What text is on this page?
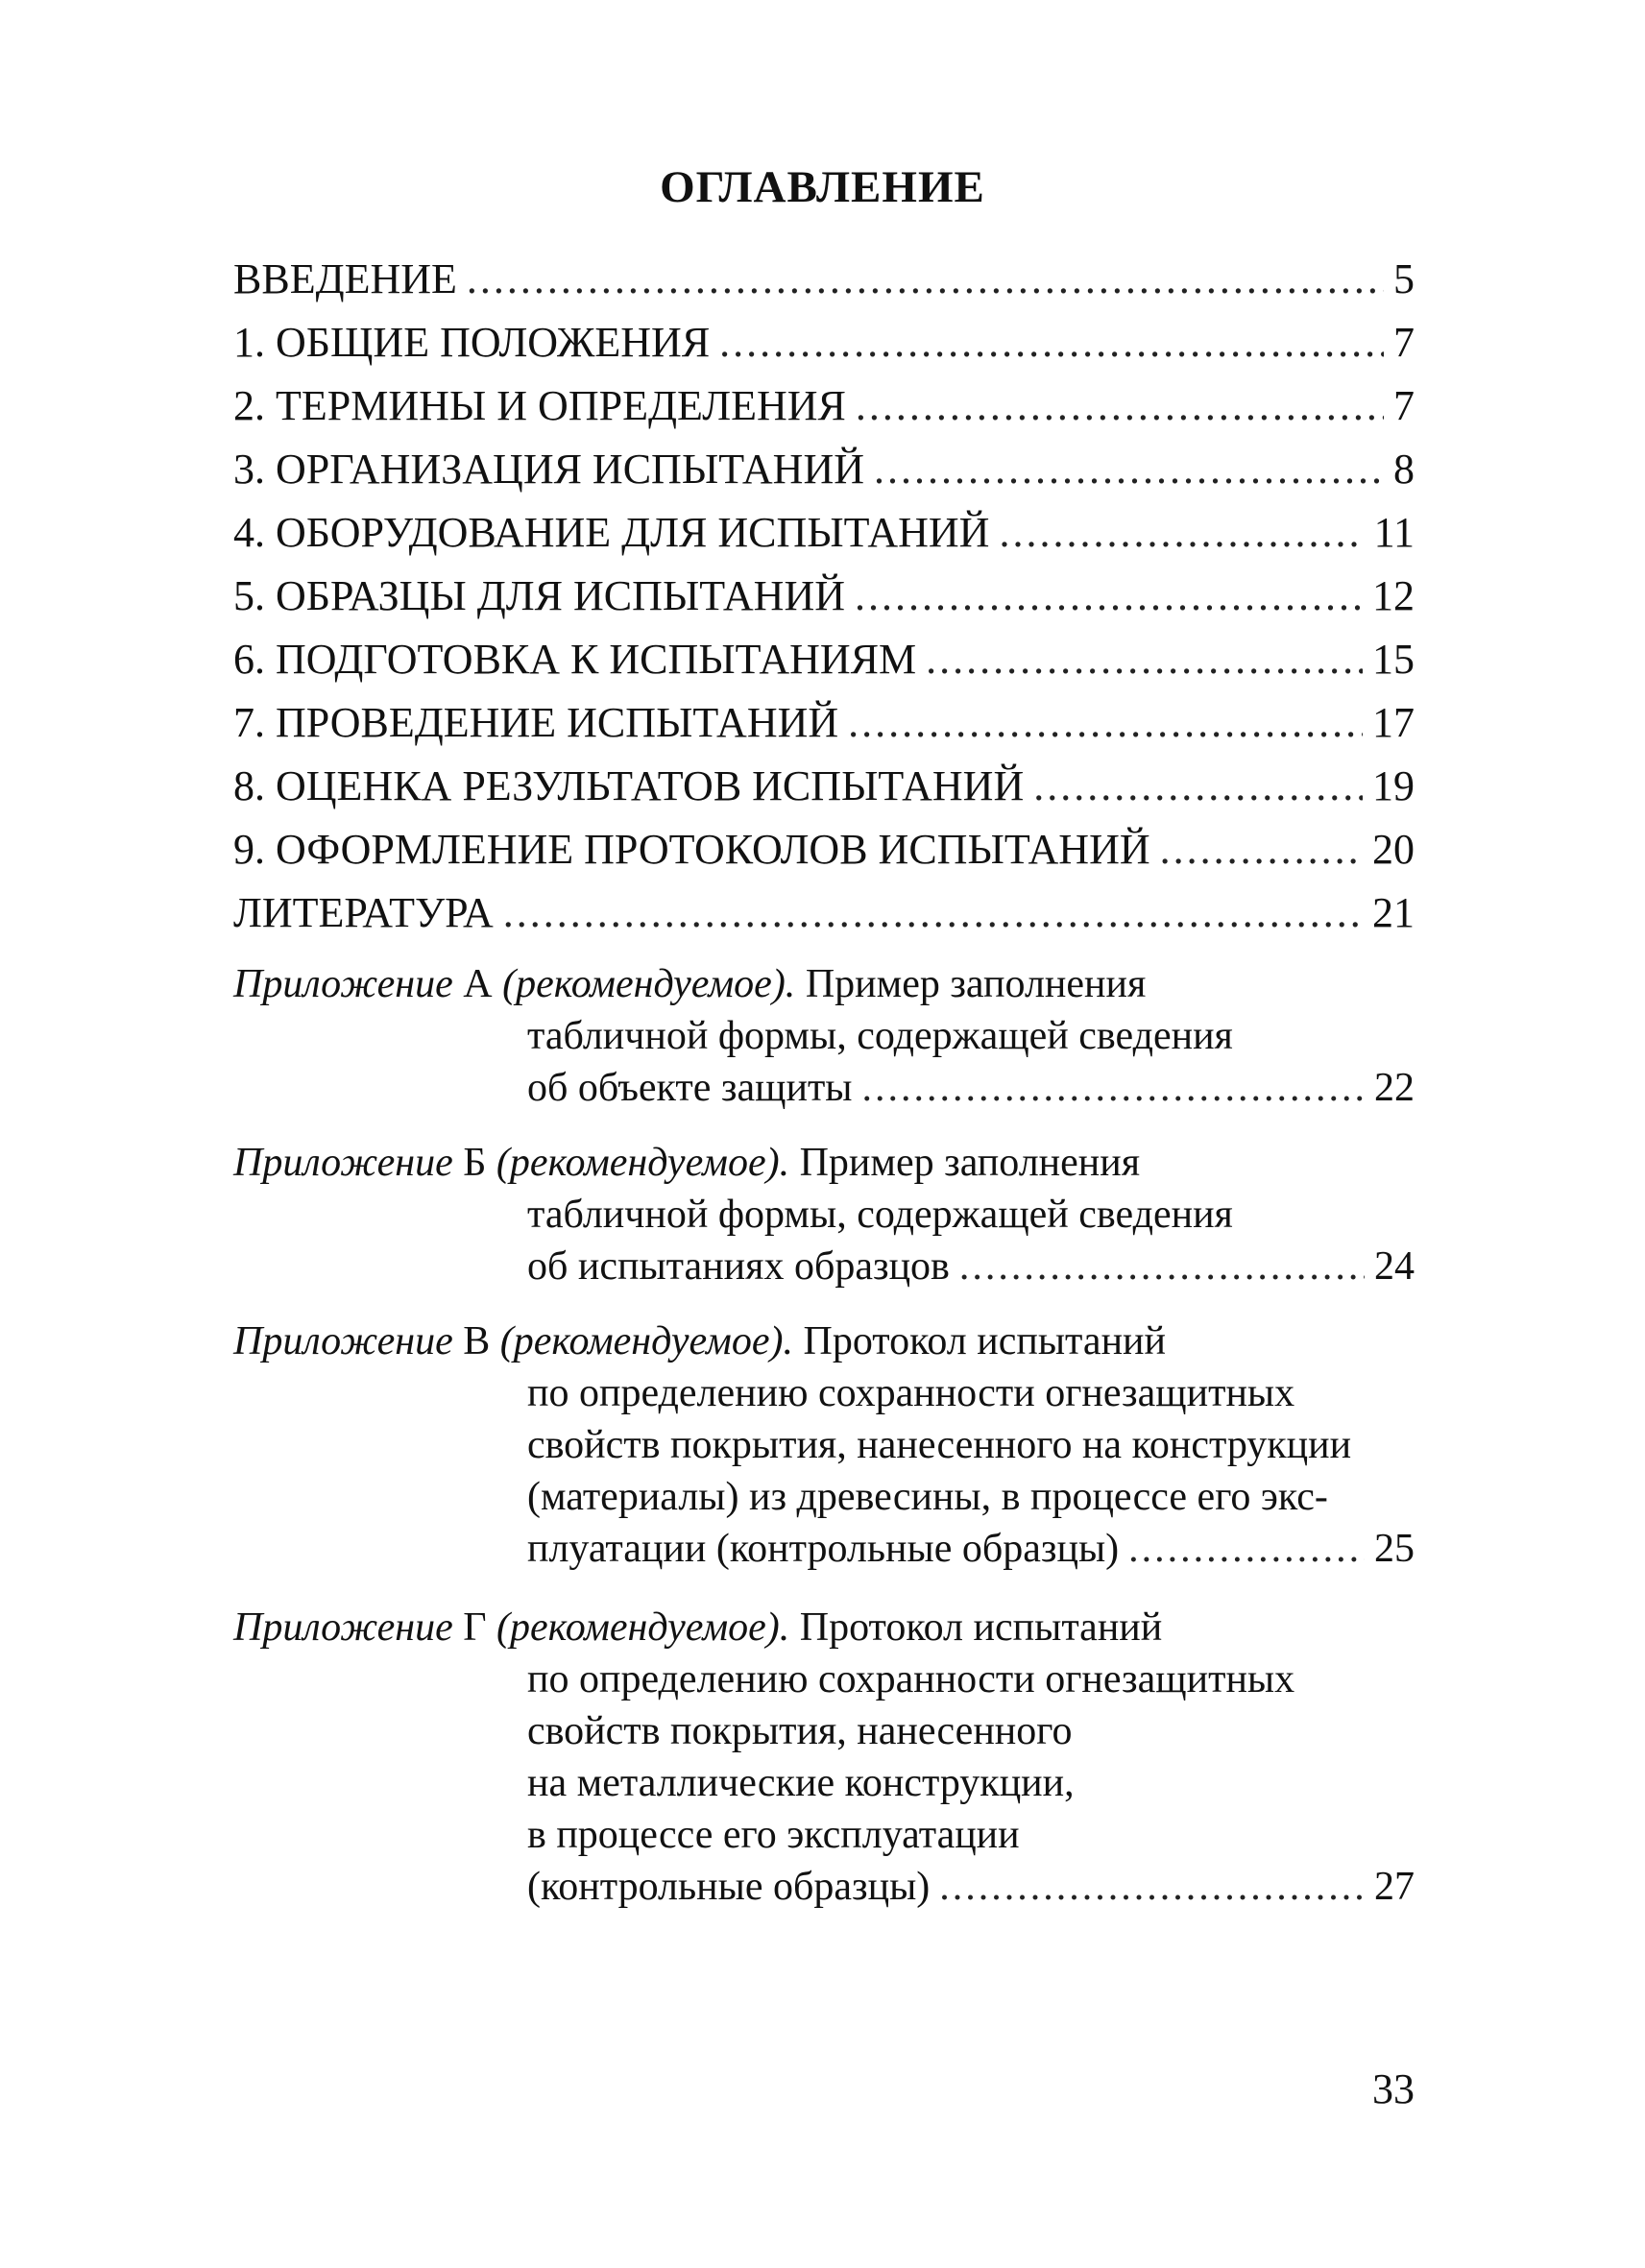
ОГЛАВЛЕНИЕ
ВВЕДЕНИЕ .....	5
1. ОБЩИЕ ПОЛОЖЕНИЯ .....	7
2. ТЕРМИНЫ И ОПРЕДЕЛЕНИЯ .....	7
3. ОРГАНИЗАЦИЯ ИСПЫТАНИЙ .....	8
4. ОБОРУДОВАНИЕ ДЛЯ ИСПЫТАНИЙ .....	11
5. ОБРАЗЦЫ ДЛЯ ИСПЫТАНИЙ .....	12
6. ПОДГОТОВКА К ИСПЫТАНИЯМ .....	15
7. ПРОВЕДЕНИЕ ИСПЫТАНИЙ .....	17
8. ОЦЕНКА РЕЗУЛЬТАТОВ ИСПЫТАНИЙ .....	19
9. ОФОРМЛЕНИЕ ПРОТОКОЛОВ ИСПЫТАНИЙ .....	20
ЛИТЕРАТУРА .....	21
Приложение А (рекомендуемое). Пример заполнения
табличной формы, содержащей сведения
об объекте защиты .....	22
Приложение Б (рекомендуемое). Пример заполнения
табличной формы, содержащей сведения
об испытаниях образцов .....	24
Приложение В (рекомендуемое). Протокол испытаний
по определению сохранности огнезащитных
свойств покрытия, нанесенного на конструкции
(материалы) из древесины, в процессе его экс-
плуатации (контрольные образцы) .....	25
Приложение Г (рекомендуемое). Протокол испытаний
по определению сохранности огнезащитных
свойств покрытия, нанесенного
на металлические конструкции,
в процессе его эксплуатации
(контрольные образцы) .....	27
33
